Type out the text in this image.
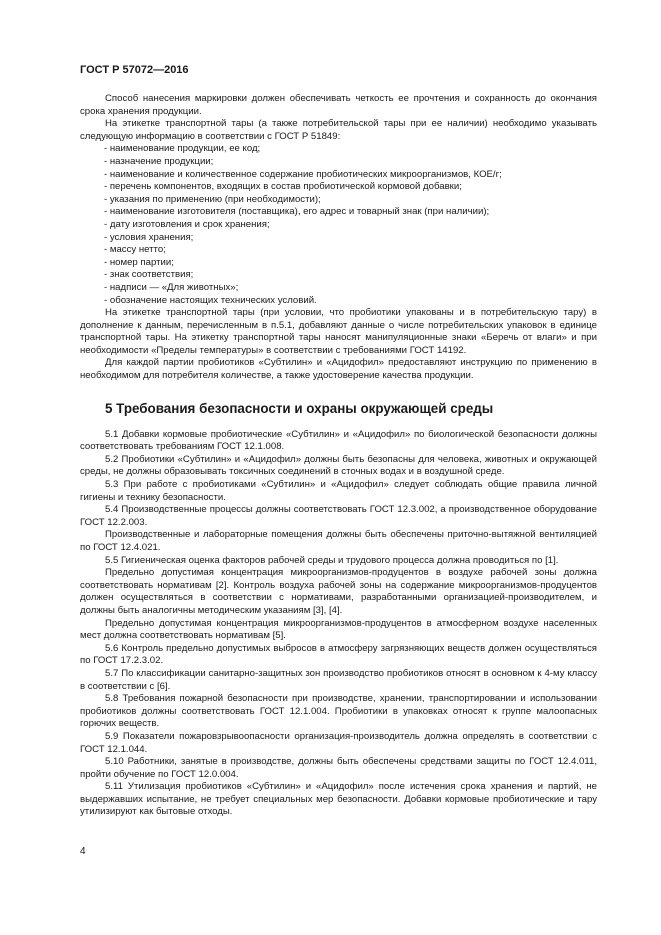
ГОСТ Р 57072—2016

Способ нанесения маркировки должен обеспечивать четкость ее прочтения и сохранность до окончания срока хранения продукции.

На этикетке транспортной тары (а также потребительской тары при ее наличии) необходимо указывать следующую информацию в соответствии с ГОСТ Р 51849:

- наименование продукции, ее код;

- назначение продукции;

- наименование и количественное содержание пробиотических микроорганизмов, КОЕ/г;

- перечень компонентов, входящих в состав пробиотической кормовой добавки;

- указания по применению (при необходимости);

- наименование изготовителя (поставщика), его адрес и товарный знак (при наличии);

- дату изготовления и срок хранения;

- условия хранения;

- массу нетто;

- номер партии;

- знак соответствия;

- надписи — «Для животных»;

- обозначение настоящих технических условий.

На этикетке транспортной тары (при условии, что пробиотики упакованы и в потребительскую тару) в дополнение к данным, перечисленным в п.5.1, добавляют данные о числе потребительских упаковок в единице транспортной тары. На этикетку транспортной тары наносят манипуляционные знаки «Беречь от влаги» и при необходимости «Пределы температуры» в соответствии с требованиями ГОСТ 14192.

Для каждой партии пробиотиков «Субтилин» и «Ацидофил» предоставляют инструкцию по применению в необходимом для потребителя количестве, а также удостоверение качества продукции.

5 Требования безопасности и охраны окружающей среды

5.1 Добавки кормовые пробиотические «Субтилин» и «Ацидофил» по биологической безопасности должны соответствовать требованиям ГОСТ 12.1.008.

5.2 Пробиотики «Субтилин» и «Ацидофил» должны быть безопасны для человека, животных и окружающей среды, не должны образовывать токсичных соединений в сточных водах и в воздушной среде.

5.3 При работе с пробиотиками «Субтилин» и «Ацидофил» следует соблюдать общие правила личной гигиены и технику безопасности.

5.4 Производственные процессы должны соответствовать ГОСТ 12.3.002, а производственное оборудование ГОСТ 12.2.003.

Производственные и лабораторные помещения должны быть обеспечены приточно-вытяжной вентиляцией по ГОСТ 12.4.021.

5.5 Гигиеническая оценка факторов рабочей среды и трудового процесса должна проводиться по [1].

Предельно допустимая концентрация микроорганизмов-продуцентов в воздухе рабочей зоны должна соответствовать нормативам [2]. Контроль воздуха рабочей зоны на содержание микроорганизмов-продуцентов должен осуществляться в соответствии с нормативами, разработанными организацией-производителем, и должны быть аналогичны методическим указаниям [3], [4].

Предельно допустимая концентрация микроорганизмов-продуцентов в атмосферном воздухе населенных мест должна соответствовать нормативам [5].

5.6 Контроль предельно допустимых выбросов в атмосферу загрязняющих веществ должен осуществляться по ГОСТ 17.2.3.02.

5.7 По классификации санитарно-защитных зон производство пробиотиков относят в основном к 4-му классу в соответствии с [6].

5.8 Требования пожарной безопасности при производстве, хранении, транспортировании и использовании пробиотиков должны соответствовать ГОСТ 12.1.004. Пробиотики в упаковках относят к группе малоопасных горючих веществ.

5.9 Показатели пожаровзрывоопасности организация-производитель должна определять в соответствии с ГОСТ 12.1.044.

5.10 Работники, занятые в производстве, должны быть обеспечены средствами защиты по ГОСТ 12.4.011, пройти обучение по ГОСТ 12.0.004.

5.11 Утилизация пробиотиков «Субтилин» и «Ацидофил» после истечения срока хранения и партий, не выдержавших испытание, не требует специальных мер безопасности. Добавки кормовые пробиотические и тару утилизируют как бытовые отходы.

4
